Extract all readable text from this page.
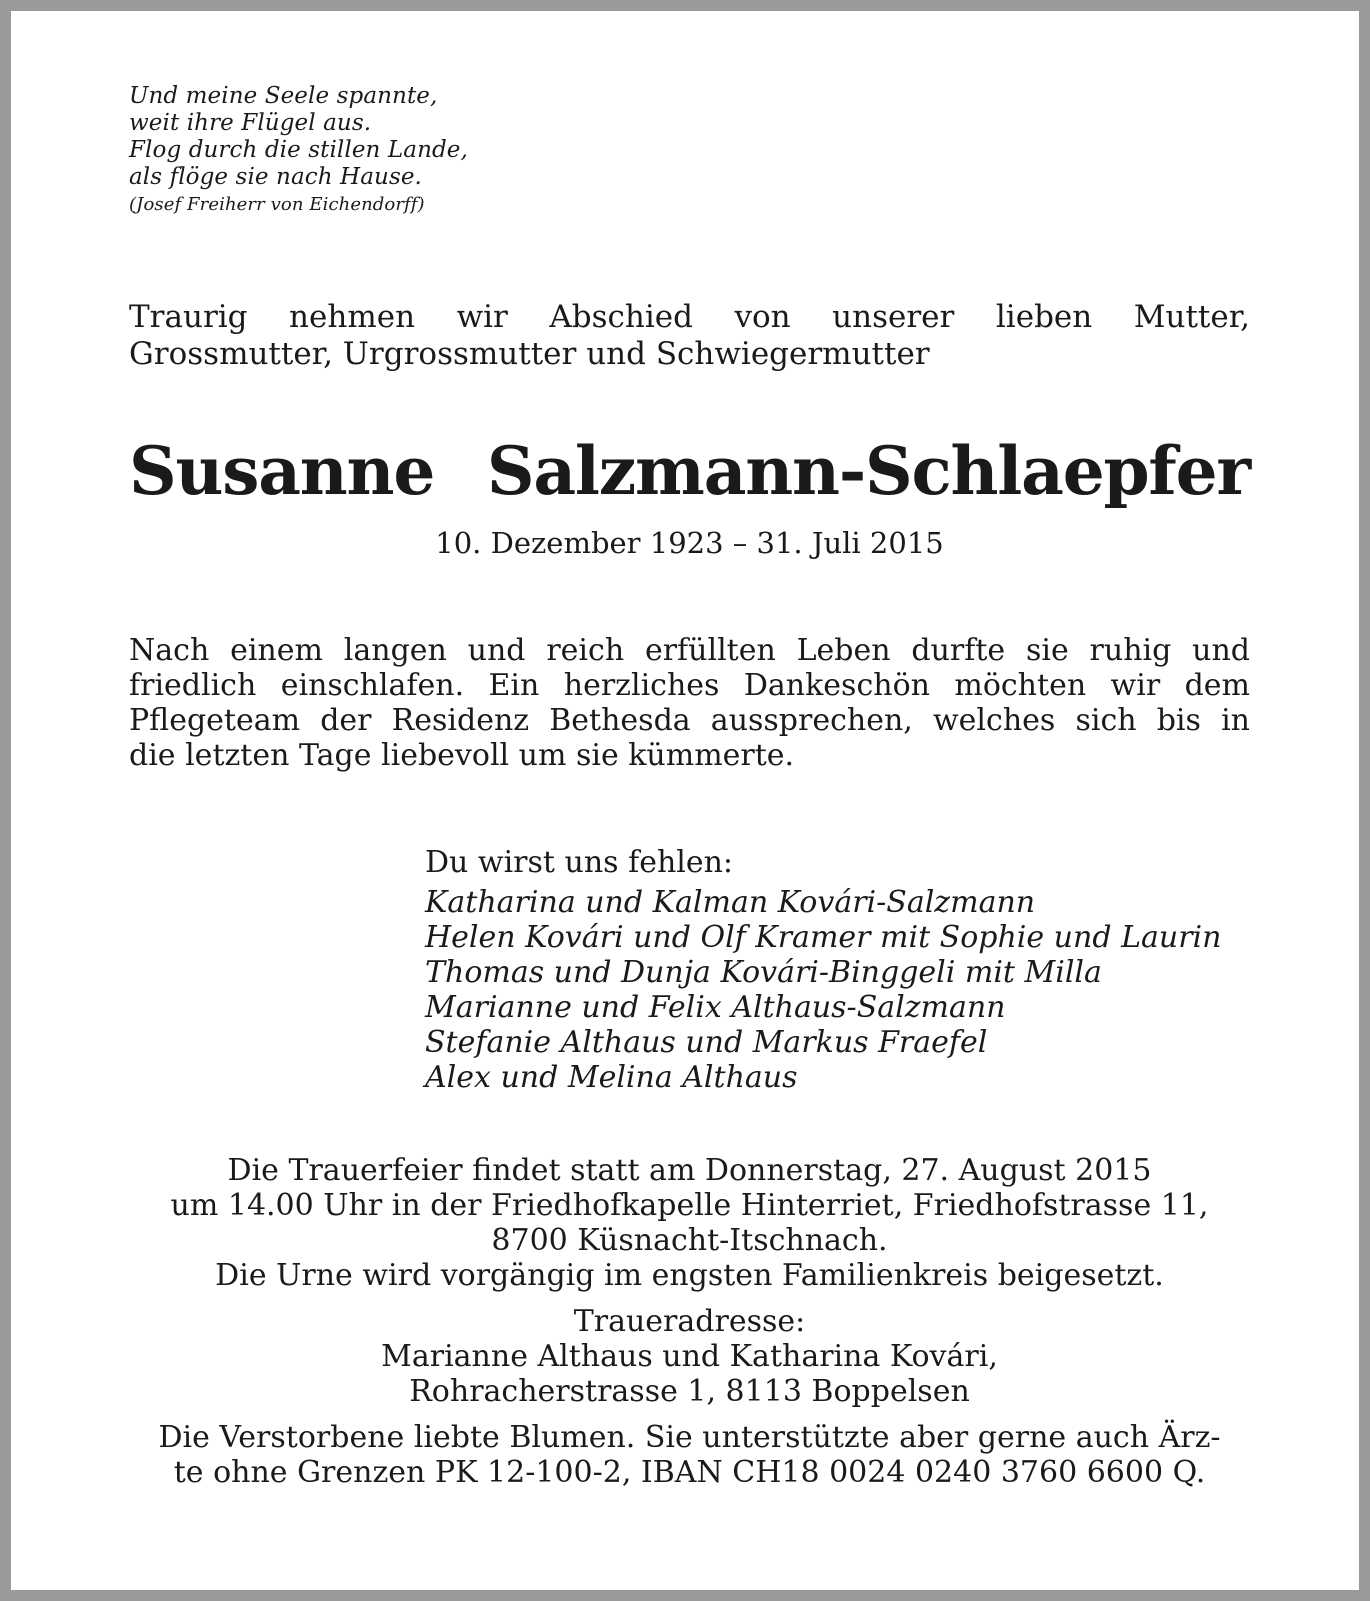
Und meine Seele spannte,
weit ihre Flügel aus.
Flog durch die stillen Lande,
als flöge sie nach Hause.
(Josef Freiherr von Eichendorff)
Traurig nehmen wir Abschied von unserer lieben Mutter,
Grossmutter, Urgrossmutter und Schwiegermutter
Susanne Salzmann-Schlaepfer
10. Dezember 1923 – 31. Juli 2015
Nach einem langen und reich erfüllten Leben durfte sie ruhig und
friedlich einschlafen. Ein herzliches Dankeschön möchten wir dem
Pflegeteam der Residenz Bethesda aussprechen, welches sich bis in
die letzten Tage liebevoll um sie kümmerte.
Du wirst uns fehlen:
Katharina und Kalman Kovári-Salzmann
Helen Kovári und Olf Kramer mit Sophie und Laurin
Thomas und Dunja Kovári-Binggeli mit Milla
Marianne und Felix Althaus-Salzmann
Stefanie Althaus und Markus Fraefel
Alex und Melina Althaus
Die Trauerfeier findet statt am Donnerstag, 27. August 2015
um 14.00 Uhr in der Friedhofkapelle Hinterriet, Friedhofstrasse 11,
8700 Küsnacht-Itschnach.
Die Urne wird vorgängig im engsten Familienkreis beigesetzt.
Traueradresse:
Marianne Althaus und Katharina Kovári,
Rohracherstrasse 1, 8113 Boppelsen
Die Verstorbene liebte Blumen. Sie unterstützte aber gerne auch Ärz-
te ohne Grenzen PK 12-100-2, IBAN CH18 0024 0240 3760 6600 Q.
